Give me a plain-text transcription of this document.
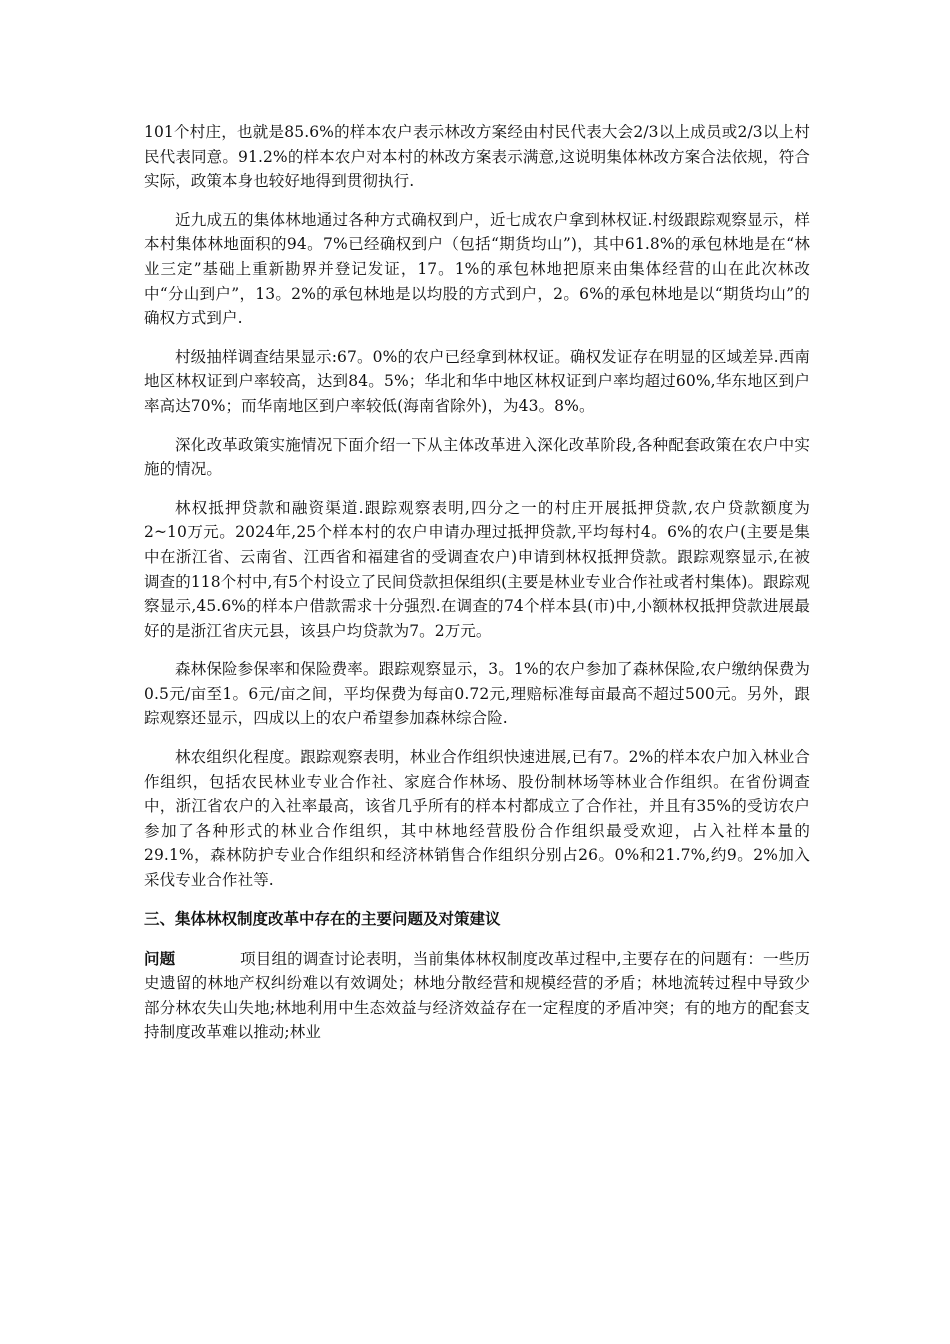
101个村庄，也就是85.6%的样本农户表示林改方案经由村民代表大会2/3以上成员或2/3以上村民代表同意。91.2%的样本农户对本村的林改方案表示满意,这说明集体林改方案合法依规，符合实际，政策本身也较好地得到贯彻执行.

近九成五的集体林地通过各种方式确权到户，近七成农户拿到林权证.村级跟踪观察显示，样本村集体林地面积的94。7%已经确权到户（包括“期货均山”)，其中61.8%的承包林地是在“林业三定”基础上重新勘界并登记发证，17。1%的承包林地把原来由集体经营的山在此次林改中“分山到户”，13。2%的承包林地是以均股的方式到户，2。6%的承包林地是以“期货均山”的确权方式到户.

村级抽样调查结果显示:67。0%的农户已经拿到林权证。确权发证存在明显的区域差异.西南地区林权证到户率较高，达到84。5%；华北和华中地区林权证到户率均超过60%,华东地区到户率高达70%；而华南地区到户率较低(海南省除外)，为43。8%。

深化改革政策实施情况下面介绍一下从主体改革进入深化改革阶段,各种配套政策在农户中实施的情况。

林权抵押贷款和融资渠道.跟踪观察表明,四分之一的村庄开展抵押贷款,农户贷款额度为2~10万元。2024年,25个样本村的农户申请办理过抵押贷款,平均每村4。6%的农户(主要是集中在浙江省、云南省、江西省和福建省的受调查农户)申请到林权抵押贷款。跟踪观察显示,在被调查的118个村中,有5个村设立了民间贷款担保组织(主要是林业专业合作社或者村集体)。跟踪观察显示,45.6%的样本户借款需求十分强烈.在调查的74个样本县(市)中,小额林权抵押贷款进展最好的是浙江省庆元县，该县户均贷款为7。2万元。

森林保险参保率和保险费率。跟踪观察显示，3。1%的农户参加了森林保险,农户缴纳保费为0.5元/亩至1。6元/亩之间，平均保费为每亩0.72元,理赔标准每亩最高不超过500元。另外，跟踪观察还显示，四成以上的农户希望参加森林综合险.

林农组织化程度。跟踪观察表明，林业合作组织快速进展,已有7。2%的样本农户加入林业合作组织，包括农民林业专业合作社、家庭合作林场、股份制林场等林业合作组织。在省份调查中，浙江省农户的入社率最高，该省几乎所有的样本村都成立了合作社，并且有35%的受访农户参加了各种形式的林业合作组织，其中林地经营股份合作组织最受欢迎，占入社样本量的29.1%，森林防护专业合作组织和经济林销售合作组织分别占26。0%和21.7%,约9。2%加入采伐专业合作社等.

三、集体林权制度改革中存在的主要问题及对策建议

问题	项目组的调查讨论表明，当前集体林权制度改革过程中,主要存在的问题有：一些历史遗留的林地产权纠纷难以有效调处；林地分散经营和规模经营的矛盾；林地流转过程中导致少部分林农失山失地;林地利用中生态效益与经济效益存在一定程度的矛盾冲突；有的地方的配套支持制度改革难以推动;林业
